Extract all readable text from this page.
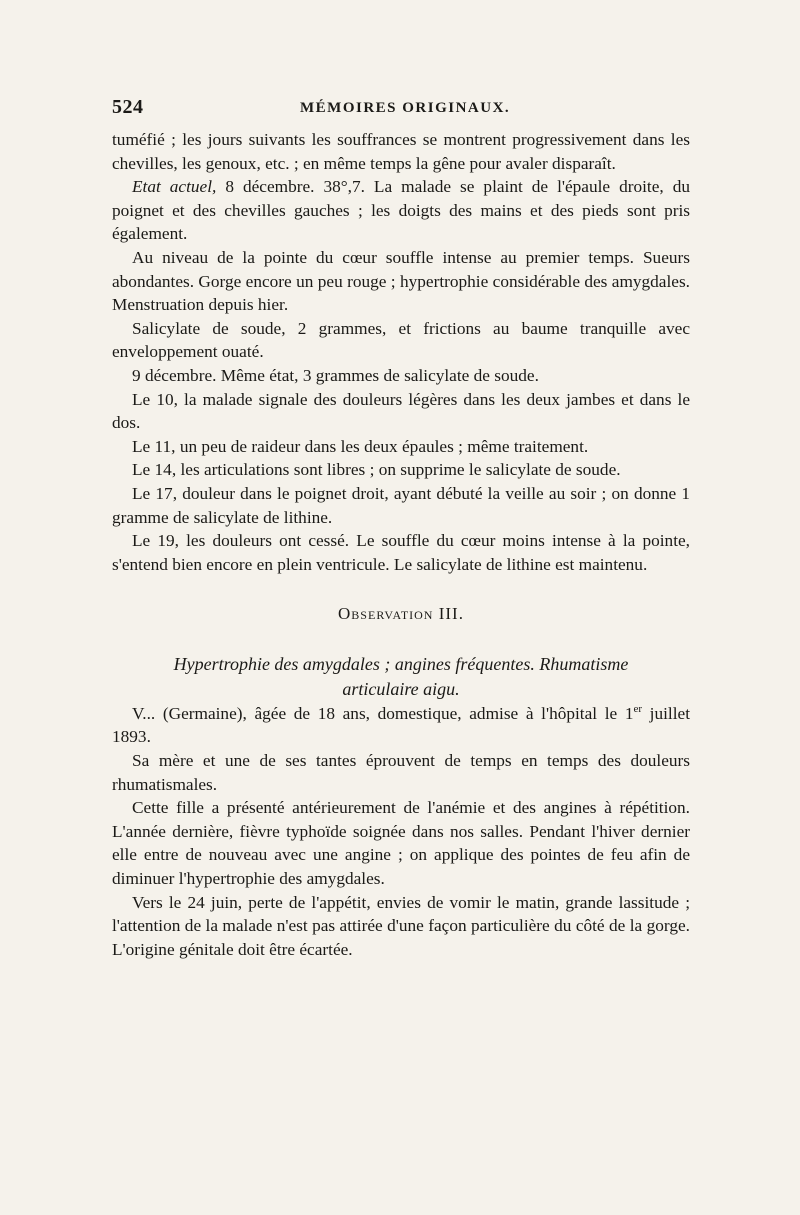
524	MÉMOIRES ORIGINAUX.

tuméfié ; les jours suivants les souffrances se montrent progressivement dans les chevilles, les genoux, etc. ; en même temps la gêne pour avaler disparaît.

Etat actuel, 8 décembre. 38°,7. La malade se plaint de l'épaule droite, du poignet et des chevilles gauches ; les doigts des mains et des pieds sont pris également.

Au niveau de la pointe du cœur souffle intense au premier temps. Sueurs abondantes. Gorge encore un peu rouge ; hypertrophie considérable des amygdales. Menstruation depuis hier.

Salicylate de soude, 2 grammes, et frictions au baume tranquille avec enveloppement ouaté.

9 décembre. Même état, 3 grammes de salicylate de soude.

Le 10, la malade signale des douleurs légères dans les deux jambes et dans le dos.

Le 11, un peu de raideur dans les deux épaules ; même traitement.

Le 14, les articulations sont libres ; on supprime le salicylate de soude.

Le 17, douleur dans le poignet droit, ayant débuté la veille au soir ; on donne 1 gramme de salicylate de lithine.

Le 19, les douleurs ont cessé. Le souffle du cœur moins intense à la pointe, s'entend bien encore en plein ventricule. Le salicylate de lithine est maintenu.

Observation III.

Hypertrophie des amygdales ; angines fréquentes. Rhumatisme
articulaire aigu.

V... (Germaine), âgée de 18 ans, domestique, admise à l'hôpital le 1er juillet 1893.

Sa mère et une de ses tantes éprouvent de temps en temps des douleurs rhumatismales.

Cette fille a présenté antérieurement de l'anémie et des angines à répétition. L'année dernière, fièvre typhoïde soignée dans nos salles. Pendant l'hiver dernier elle entre de nouveau avec une angine ; on applique des pointes de feu afin de diminuer l'hypertrophie des amygdales.

Vers le 24 juin, perte de l'appétit, envies de vomir le matin, grande lassitude ; l'attention de la malade n'est pas attirée d'une façon particulière du côté de la gorge. L'origine génitale doit être écartée.
